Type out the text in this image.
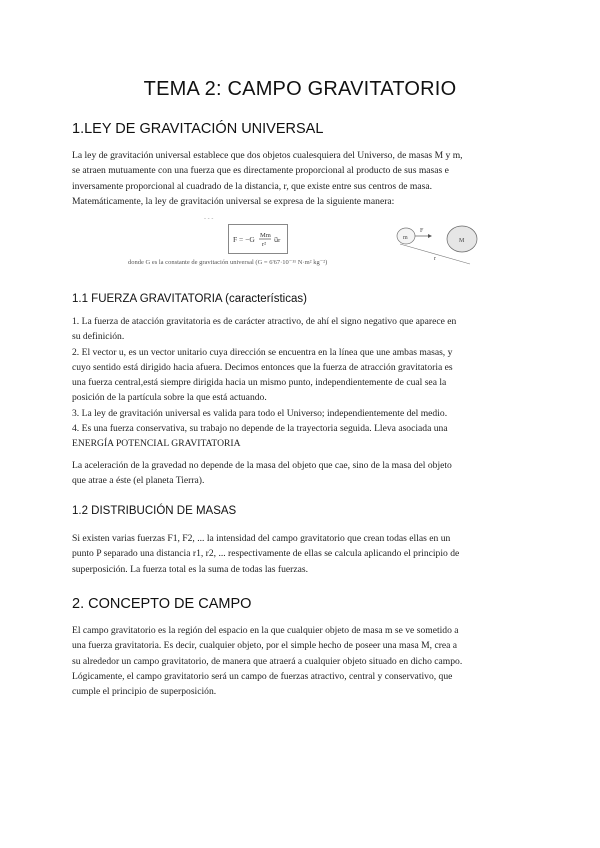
TEMA 2: CAMPO GRAVITATORIO
1.LEY DE GRAVITACIÓN UNIVERSAL

La ley de gravitación universal establece que dos objetos cualesquiera del Universo, de masas M y m,
se atraen mutuamente con una fuerza que es directamente proporcional al producto de sus masas e
inversamente proporcional al cuadrado de la distancia, r, que existe entre sus centros de masa.
Matemáticamente, la ley de gravitación universal se expresa de la siguiente manera:

- - -
F = −G Mm
r²
u⃗r
donde G es la constante de gravitación universal (G = 6'67·10⁻¹¹ N·m² kg⁻²)
m	M
F
r
1.1 FUERZA GRAVITATORIA (características)

1. La fuerza de atacción gravitatoria es de carácter atractivo, de ahí el signo negativo que aparece en
su definición.
2. El vector u, es un vector unitario cuya dirección se encuentra en la línea que une ambas masas, y
cuyo sentido está dirigido hacia afuera. Decimos entonces que la fuerza de atracción gravitatoria es
una fuerza central,está siempre dirigida hacia un mismo punto, independientemente de cual sea la
posición de la partícula sobre la que está actuando.
3. La ley de gravitación universal es valida para todo el Universo; independientemente del medio.
4. Es una fuerza conservativa, su trabajo no depende de la trayectoria seguida. Lleva asociada una
ENERGÍA POTENCIAL GRAVITATORIA

La aceleración de la gravedad no depende de la masa del objeto que cae, sino de la masa del objeto
que atrae a éste (el planeta Tierra).

1.2 DISTRIBUCIÓN DE MASAS

Si existen varias fuerzas F1, F2, ... la intensidad del campo gravitatorio que crean todas ellas en un
punto P separado una distancia r1, r2, ... respectivamente de ellas se calcula aplicando el principio de
superposición. La fuerza total es la suma de todas las fuerzas.

2. CONCEPTO DE CAMPO

El campo gravitatorio es la región del espacio en la que cualquier objeto de masa m se ve sometido a
una fuerza gravitatoria. Es decir, cualquier objeto, por el simple hecho de poseer una masa M, crea a
su alrededor un campo gravitatorio, de manera que atraerá a cualquier objeto situado en dicho campo.
Lógicamente, el campo gravitatorio será un campo de fuerzas atractivo, central y conservativo, que
cumple el principio de superposición.
